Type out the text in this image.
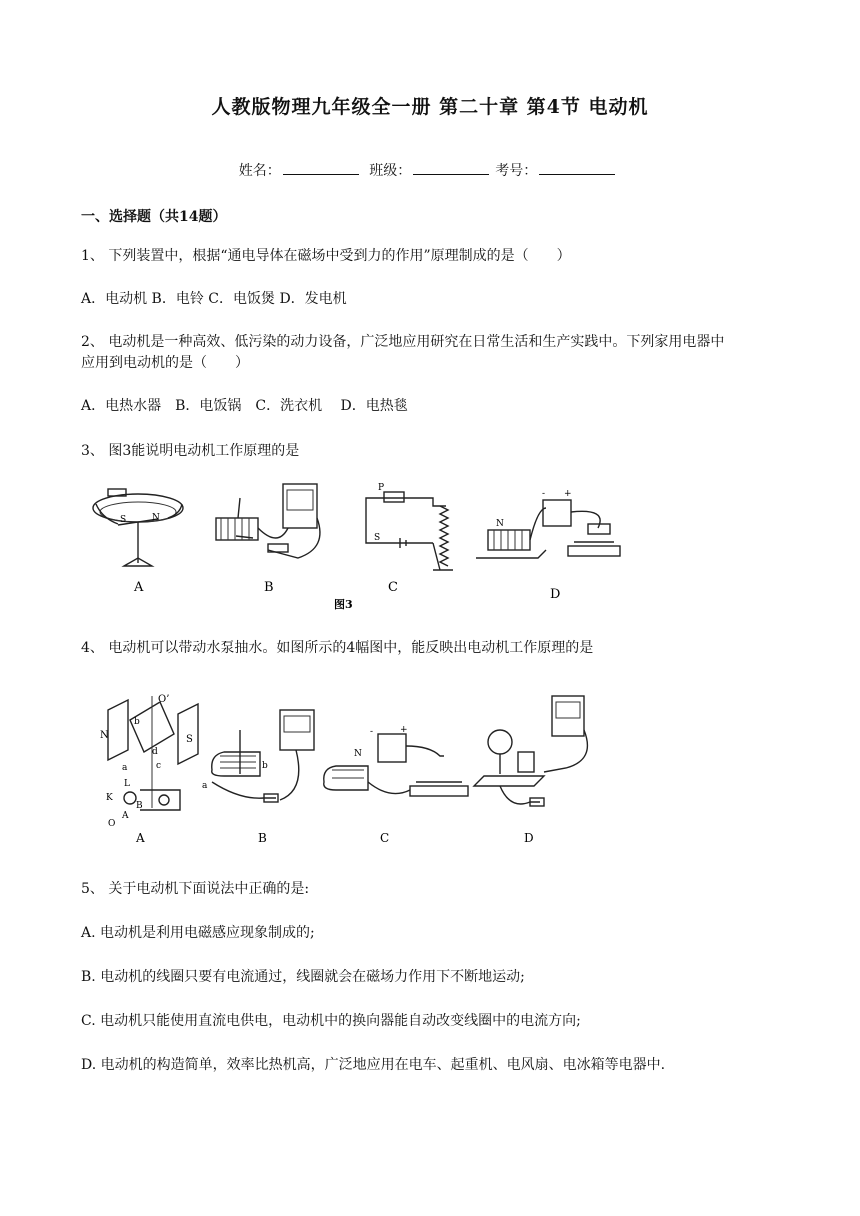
人教版物理九年级全一册 第二十章 第4节 电动机
姓名：	班级：	考号：
一、选择题（共14题）
1、 下列装置中，根据“通电导体在磁场中受到力的作用”原理制成的是（　　）
A．电动机 B．电铃 C．电饭煲 D．发电机
2、 电动机是一种高效、低污染的动力设备，广泛地应用研究在日常生活和生产实践中。下列家用电器中
应用到电动机的是（　　）
A．电热水器　B．电饭锅　C．洗衣机　 D．电热毯
3、 图3能说明电动机工作原理的是
S	N
P
S
N
- +
A	B	C	D
图3
4、 电动机可以带动水泵抽水。如图所示的4幅图中，能反映出电动机工作原理的是
N	S
O’
b
a	c
d
K
L
O
A
B
a
b
N
-	+
A	B	C	D
5、 关于电动机下面说法中正确的是:
A. 电动机是利用电磁感应现象制成的;
B. 电动机的线圈只要有电流通过，线圈就会在磁场力作用下不断地运动;
C. 电动机只能使用直流电供电，电动机中的换向器能自动改变线圈中的电流方向;
D. 电动机的构造简单，效率比热机高，广泛地应用在电车、起重机、电风扇、电冰箱等电器中.
